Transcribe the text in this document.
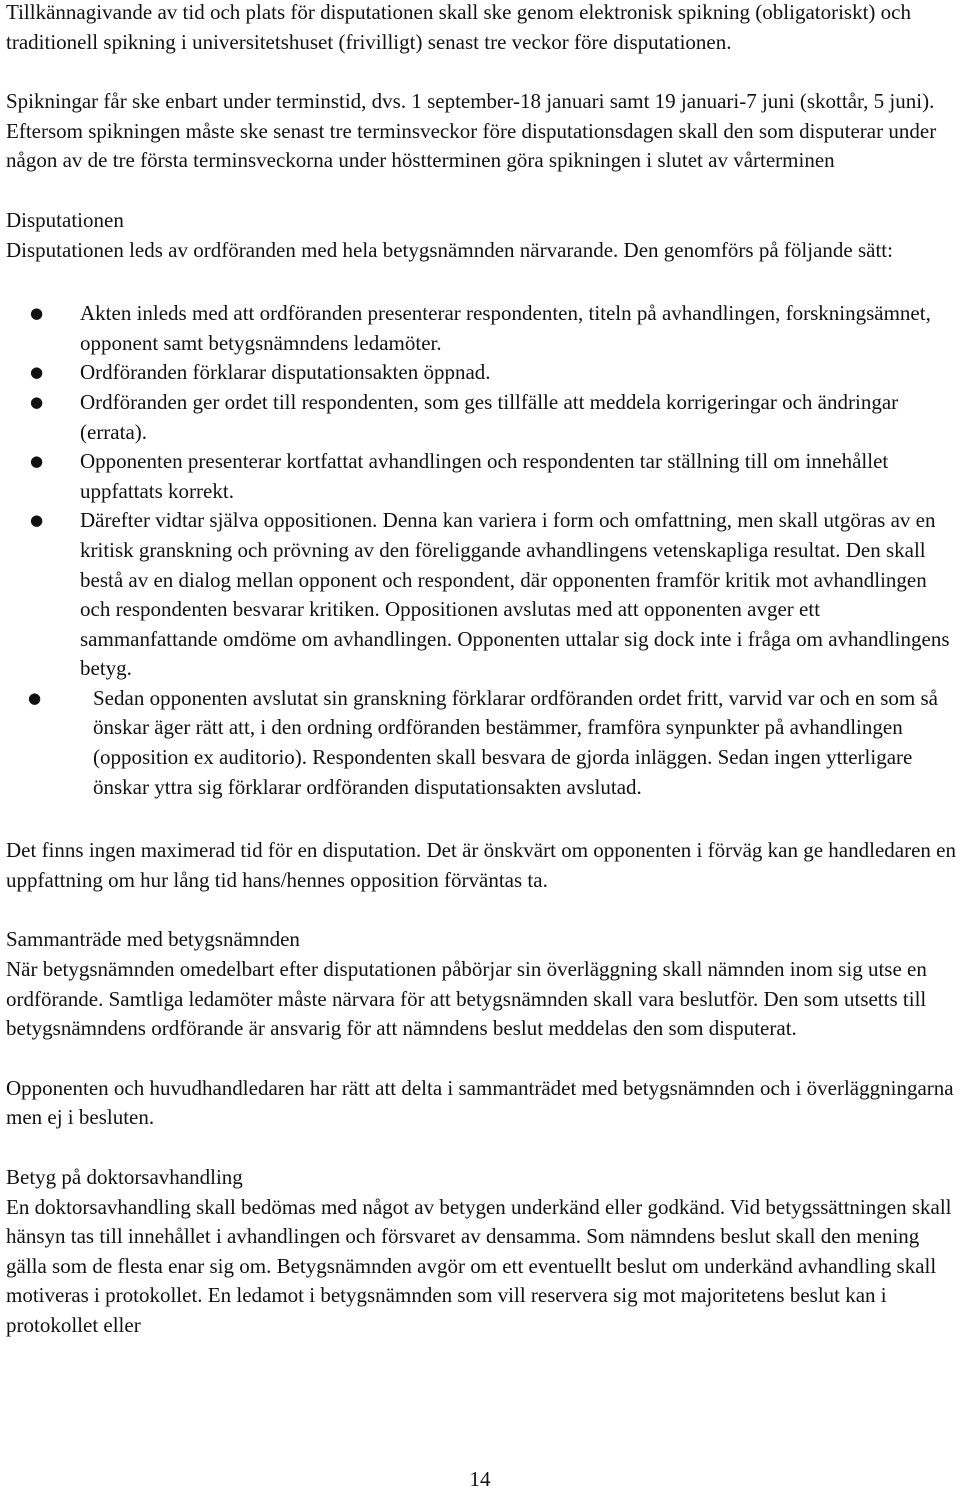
Tillkännagivande av tid och plats för disputationen skall ske genom elektronisk spikning (obligatoriskt) och traditionell spikning i universitetshuset (frivilligt) senast tre veckor före disputationen.

Spikningar får ske enbart under terminstid, dvs. 1 september-18 januari samt 19 januari-7 juni (skottår, 5 juni). Eftersom spikningen måste ske senast tre terminsveckor före disputationsdagen skall den som disputerar under någon av de tre första terminsveckorna under höstterminen göra spikningen i slutet av vårterminen

Disputationen

Disputationen leds av ordföranden med hela betygsnämnden närvarande. Den genomförs på följande sätt:

● Akten inleds med att ordföranden presenterar respondenten, titeln på avhandlingen, forskningsämnet, opponent samt betygsnämndens ledamöter.
● Ordföranden förklarar disputationsakten öppnad.
● Ordföranden ger ordet till respondenten, som ges tillfälle att meddela korrigeringar och ändringar (errata).
● Opponenten presenterar kortfattat avhandlingen och respondenten tar ställning till om innehållet uppfattats korrekt.
● Därefter vidtar själva oppositionen. Denna kan variera i form och omfattning, men skall utgöras av en kritisk granskning och prövning av den föreliggande avhandlingens vetenskapliga resultat. Den skall bestå av en dialog mellan opponent och respondent, där opponenten framför kritik mot avhandlingen och respondenten besvarar kritiken. Oppositionen avslutas med att opponenten avger ett sammanfattande omdöme om avhandlingen. Opponenten uttalar sig dock inte i fråga om avhandlingens betyg.
● Sedan opponenten avslutat sin granskning förklarar ordföranden ordet fritt, varvid var och en som så önskar äger rätt att, i den ordning ordföranden bestämmer, framföra synpunkter på avhandlingen (opposition ex auditorio). Respondenten skall besvara de gjorda inläggen. Sedan ingen ytterligare önskar yttra sig förklarar ordföranden disputationsakten avslutad.

Det finns ingen maximerad tid för en disputation. Det är önskvärt om opponenten i förväg kan ge handledaren en uppfattning om hur lång tid hans/hennes opposition förväntas ta.

Sammanträde med betygsnämnden

När betygsnämnden omedelbart efter disputationen påbörjar sin överläggning skall nämnden inom sig utse en ordförande. Samtliga ledamöter måste närvara för att betygsnämnden skall vara beslutför. Den som utsetts till betygsnämndens ordförande är ansvarig för att nämndens beslut meddelas den som disputerat.

Opponenten och huvudhandledaren har rätt att delta i sammanträdet med betygsnämnden och i överläggningarna men ej i besluten.

Betyg på doktorsavhandling

En doktorsavhandling skall bedömas med något av betygen underkänd eller godkänd. Vid betygssättningen skall hänsyn tas till innehållet i avhandlingen och försvaret av densamma. Som nämndens beslut skall den mening gälla som de flesta enar sig om. Betygsnämnden avgör om ett eventuellt beslut om underkänd avhandling skall motiveras i protokollet. En ledamot i betygsnämnden som vill reservera sig mot majoritetens beslut kan i protokollet eller

14
